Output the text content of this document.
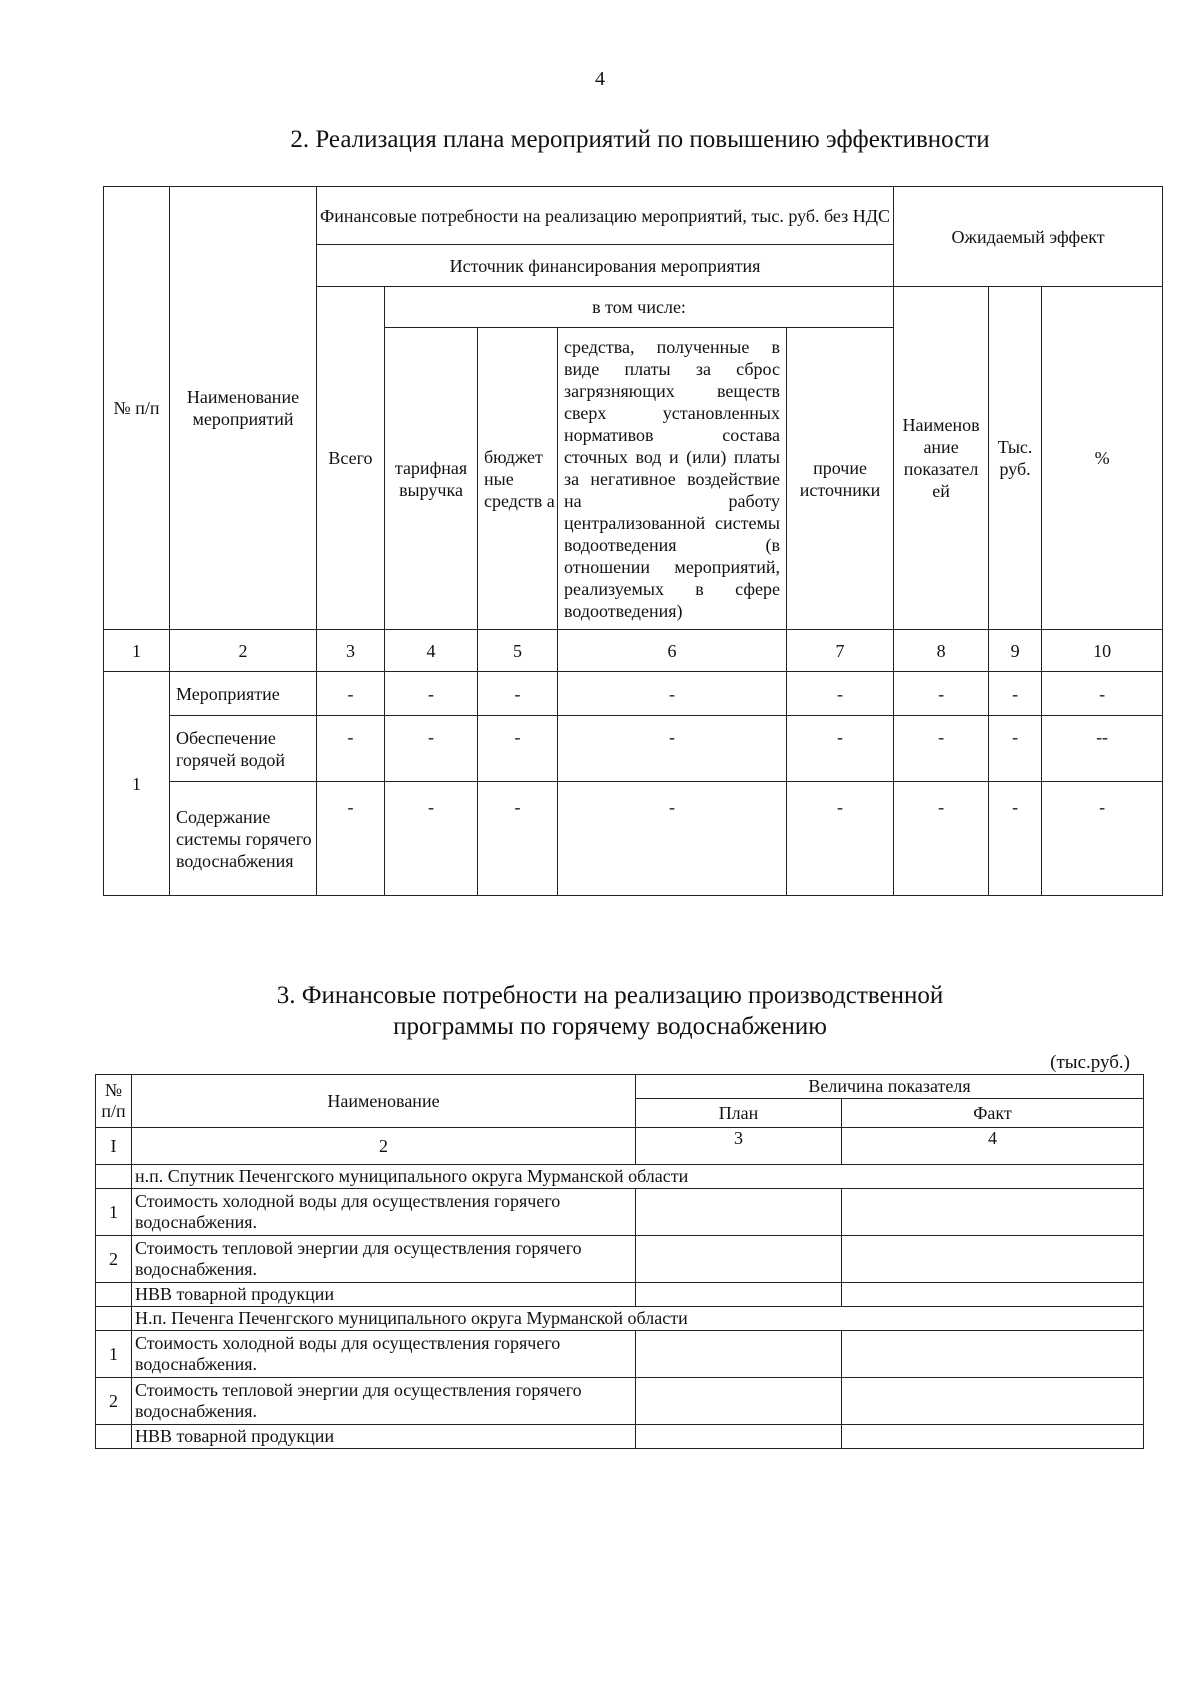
4
2. Реализация плана мероприятий по повышению эффективности
№ п/п	Наименование мероприятий	Финансовые потребности на реализацию мероприятий, тыс. руб. без НДС					Ожидаемый эффект		
		Источник финансирования мероприятия							
		Всего	в том числе:				Наименов ание показател ей	Тыс. руб.	%
			тарифная выручка	бюджет ные средств а	средства, полученные в виде платы за сброс загрязняющих веществ сверх установленных нормативов состава сточных вод и (или) платы за негативное воздействие на работу централизованной системы водоотведения (в отношении мероприятий, реализуемых в сфере водоотведения)	прочие источники			
1	2	3	4	5	6	7	8	9	10
1	Мероприятие	-	-	-	-	-	-	-	-
	Обеспечение горячей водой	-	-	-	-	-	-	-	--
	Содержание системы горячего водоснабжения	-	-	-	-	-	-	-	-
3. Финансовые потребности на реализацию производственной
программы по горячему водоснабжению
(тыс.руб.)
№ п/п	Наименование	Величина показателя	
		План	Факт
I	2	3	4
	н.п. Спутник Печенгского муниципального округа Мурманской области		
1	Стоимость холодной воды для осуществления горячего водоснабжения.		
2	Стоимость тепловой энергии для осуществления горячего водоснабжения.		
	НВВ товарной продукции		
	Н.п. Печенга Печенгского муниципального округа Мурманской области		
1	Стоимость холодной воды для осуществления горячего водоснабжения.		
2	Стоимость тепловой энергии для осуществления горячего водоснабжения.		
	НВВ товарной продукции		
